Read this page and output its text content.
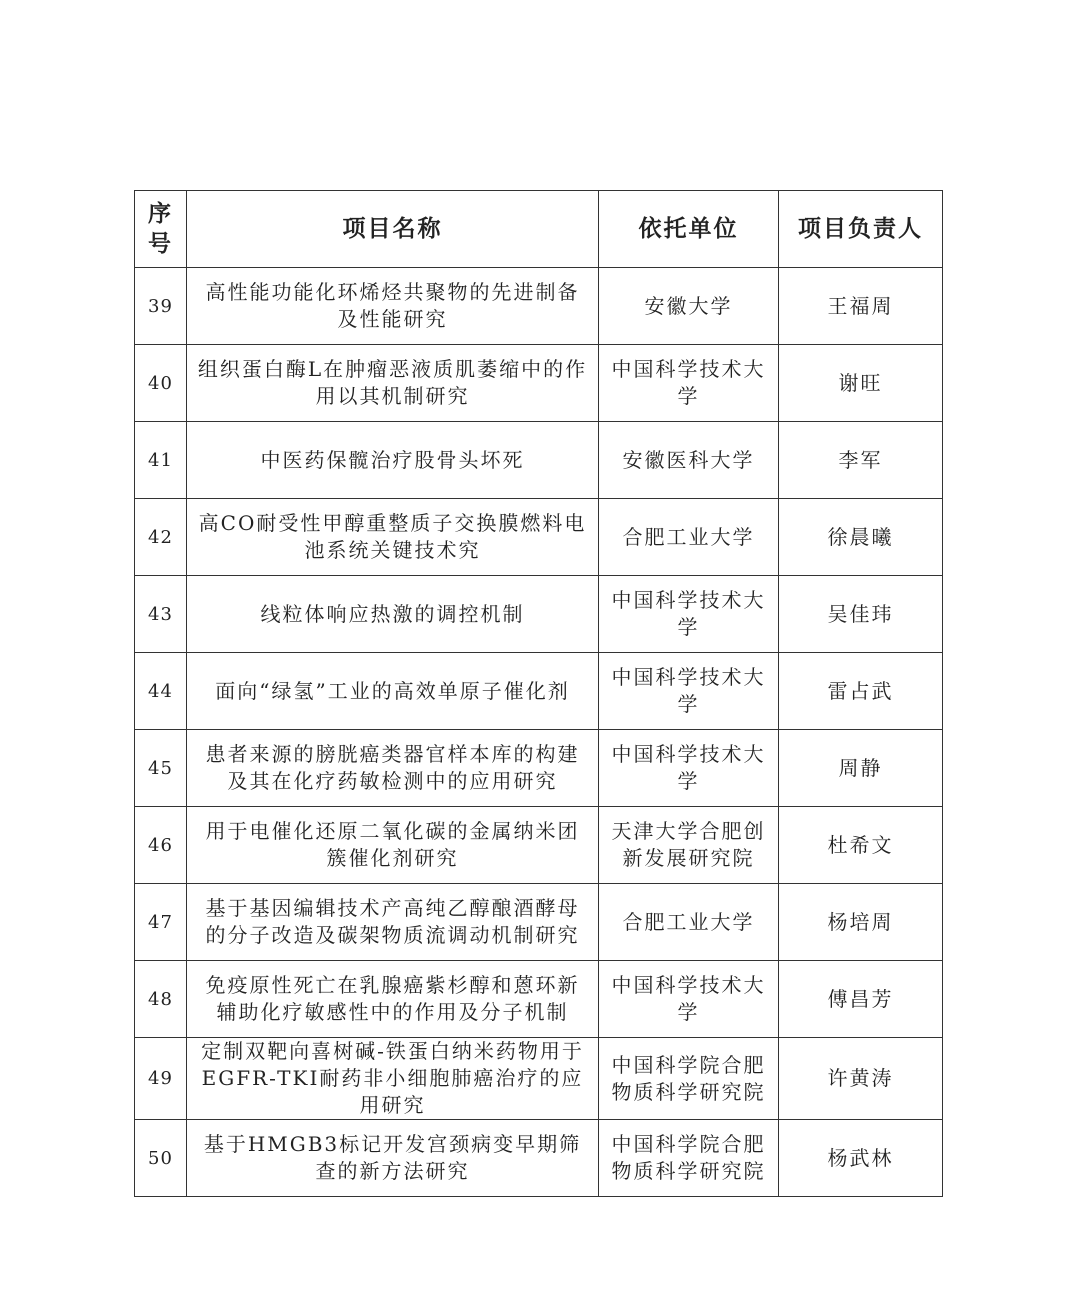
序号	项目名称	依托单位	项目负责人
39	高性能功能化环烯烃共聚物的先进制备及性能研究	安徽大学	王福周
40	组织蛋白酶L在肿瘤恶液质肌萎缩中的作用以其机制研究	中国科学技术大学	谢旺
41	中医药保髋治疗股骨头坏死	安徽医科大学	李军
42	高CO耐受性甲醇重整质子交换膜燃料电池系统关键技术究	合肥工业大学	徐晨曦
43	线粒体响应热激的调控机制	中国科学技术大学	吴佳玮
44	面向“绿氢”工业的高效单原子催化剂	中国科学技术大学	雷占武
45	患者来源的膀胱癌类器官样本库的构建及其在化疗药敏检测中的应用研究	中国科学技术大学	周静
46	用于电催化还原二氧化碳的金属纳米团簇催化剂研究	天津大学合肥创新发展研究院	杜希文
47	基于基因编辑技术产高纯乙醇酿酒酵母的分子改造及碳架物质流调动机制研究	合肥工业大学	杨培周
48	免疫原性死亡在乳腺癌紫杉醇和蒽环新辅助化疗敏感性中的作用及分子机制	中国科学技术大学	傅昌芳
49	定制双靶向喜树碱-铁蛋白纳米药物用于EGFR-TKI耐药非小细胞肺癌治疗的应用研究	中国科学院合肥物质科学研究院	许黄涛
50	基于HMGB3标记开发宫颈病变早期筛查的新方法研究	中国科学院合肥物质科学研究院	杨武林
